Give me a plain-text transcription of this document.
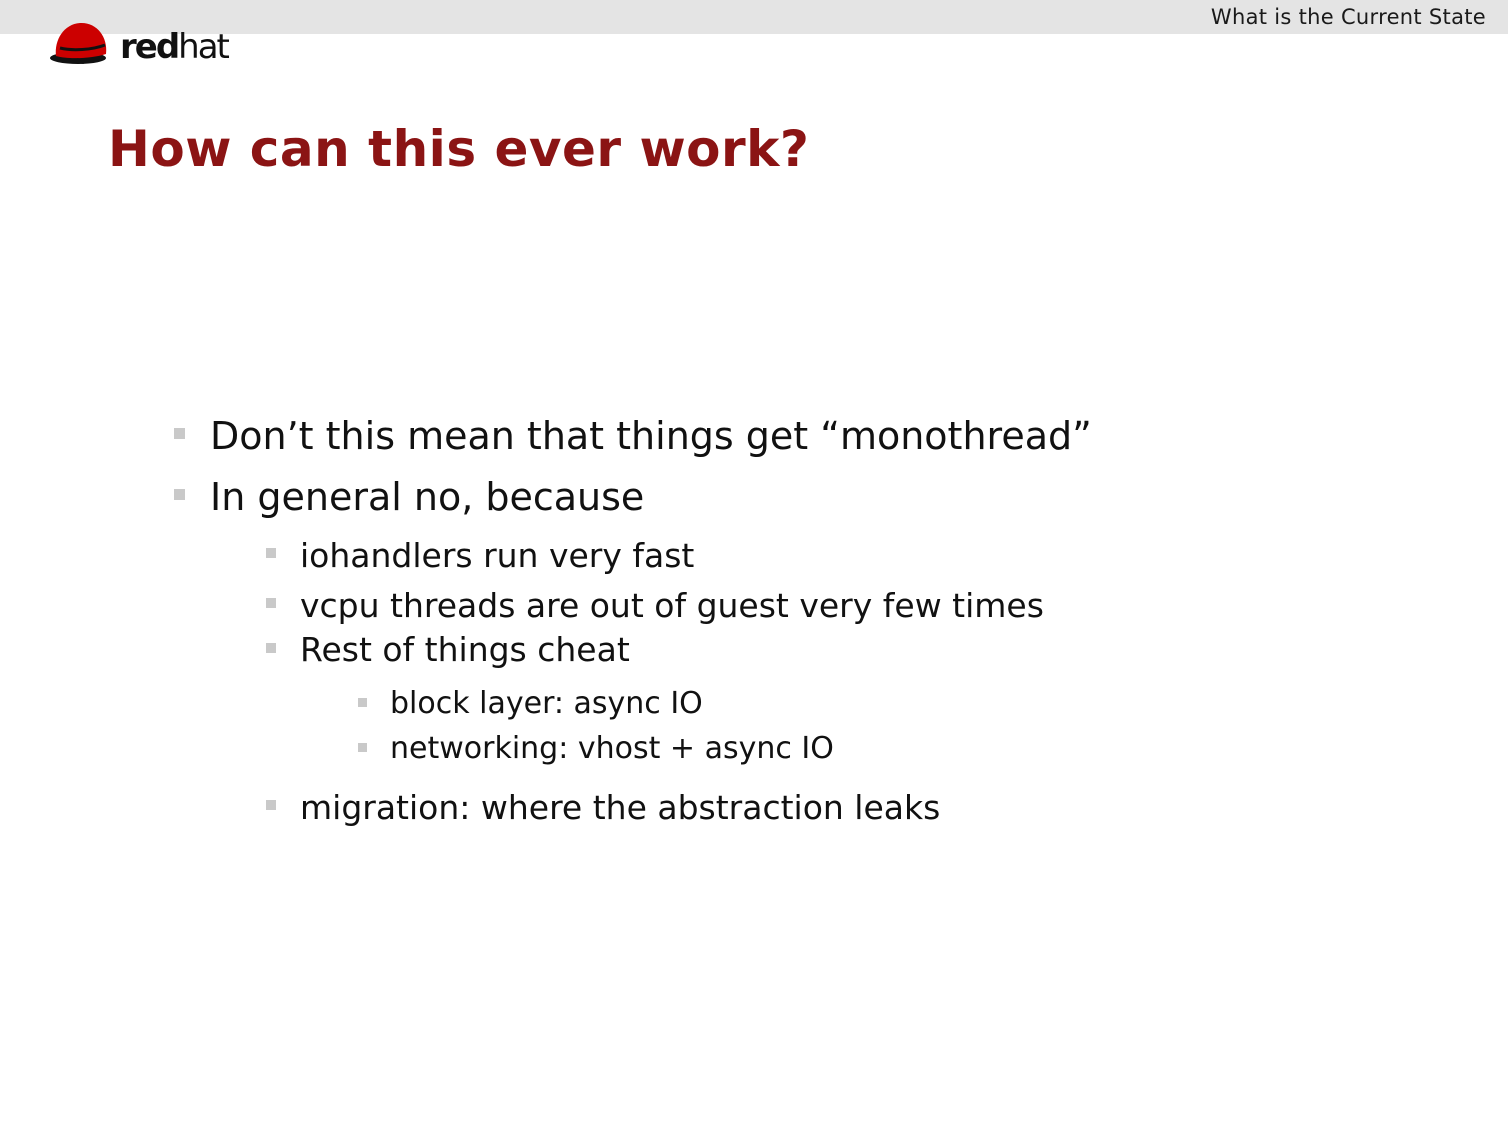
What is the Current State
redhat
How can this ever work?
Don’t this mean that things get “monothread”
In general no, because
iohandlers run very fast
vcpu threads are out of guest very few times
Rest of things cheat
block layer: async IO
networking: vhost + async IO
migration: where the abstraction leaks
